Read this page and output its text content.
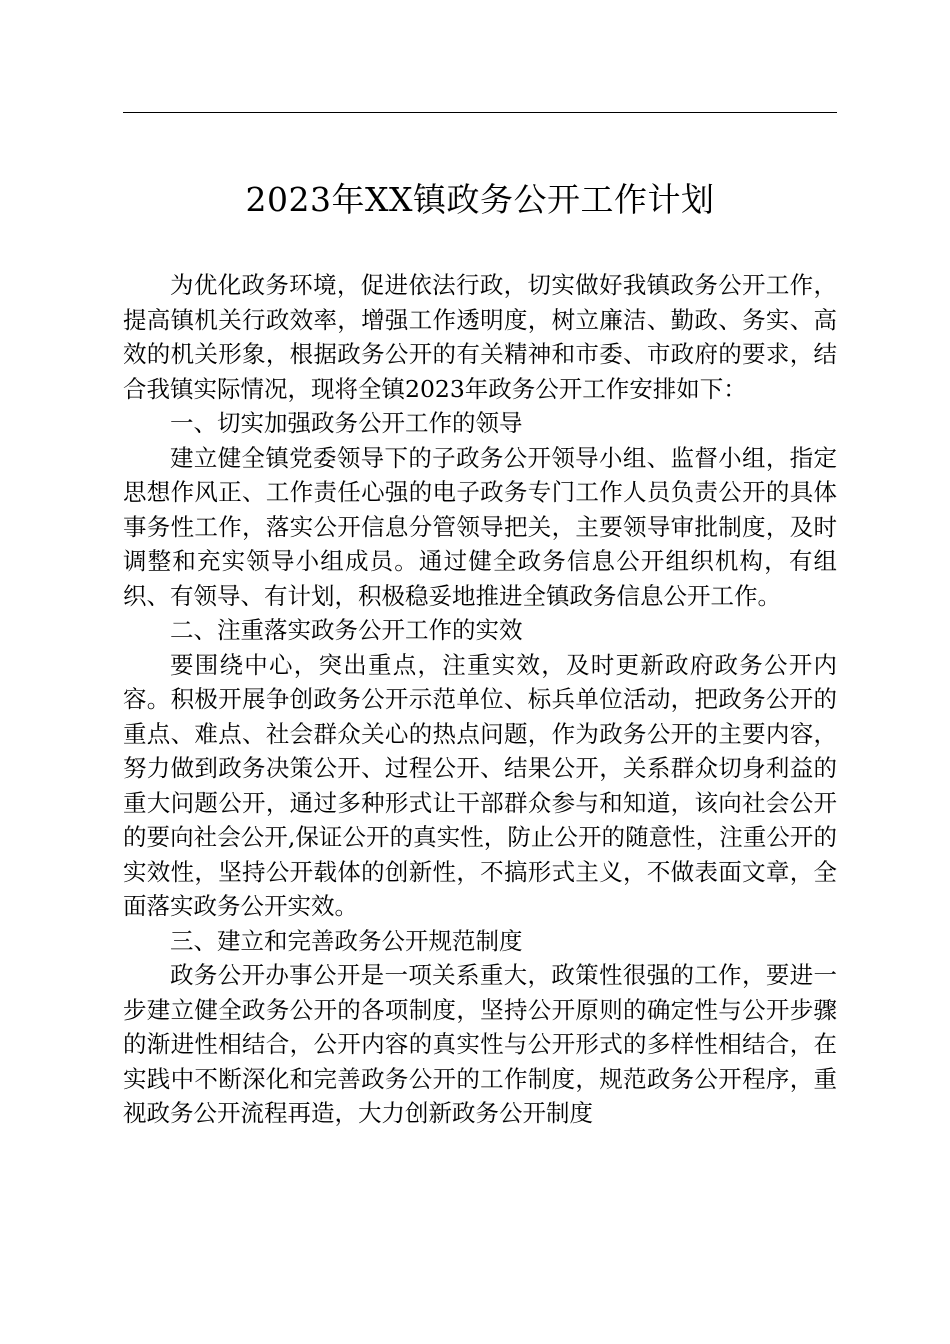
2023年XX镇政务公开工作计划

为优化政务环境，促进依法行政，切实做好我镇政务公开工作，提高镇机关行政效率，增强工作透明度，树立廉洁、勤政、务实、高效的机关形象，根据政务公开的有关精神和市委、市政府的要求，结合我镇实际情况，现将全镇2023年政务公开工作安排如下：

一、切实加强政务公开工作的领导

建立健全镇党委领导下的子政务公开领导小组、监督小组，指定思想作风正、工作责任心强的电子政务专门工作人员负责公开的具体事务性工作，落实公开信息分管领导把关，主要领导审批制度，及时调整和充实领导小组成员。通过健全政务信息公开组织机构，有组织、有领导、有计划，积极稳妥地推进全镇政务信息公开工作。

二、注重落实政务公开工作的实效

要围绕中心，突出重点，注重实效，及时更新政府政务公开内容。积极开展争创政务公开示范单位、标兵单位活动，把政务公开的重点、难点、社会群众关心的热点问题，作为政务公开的主要内容，努力做到政务决策公开、过程公开、结果公开，关系群众切身利益的重大问题公开，通过多种形式让干部群众参与和知道，该向社会公开的要向社会公开,保证公开的真实性，防止公开的随意性，注重公开的实效性，坚持公开载体的创新性，不搞形式主义，不做表面文章，全面落实政务公开实效。

三、建立和完善政务公开规范制度

政务公开办事公开是一项关系重大，政策性很强的工作，要进一步建立健全政务公开的各项制度，坚持公开原则的确定性与公开步骤的渐进性相结合，公开内容的真实性与公开形式的多样性相结合，在实践中不断深化和完善政务公开的工作制度，规范政务公开程序，重视政务公开流程再造，大力创新政务公开制度
